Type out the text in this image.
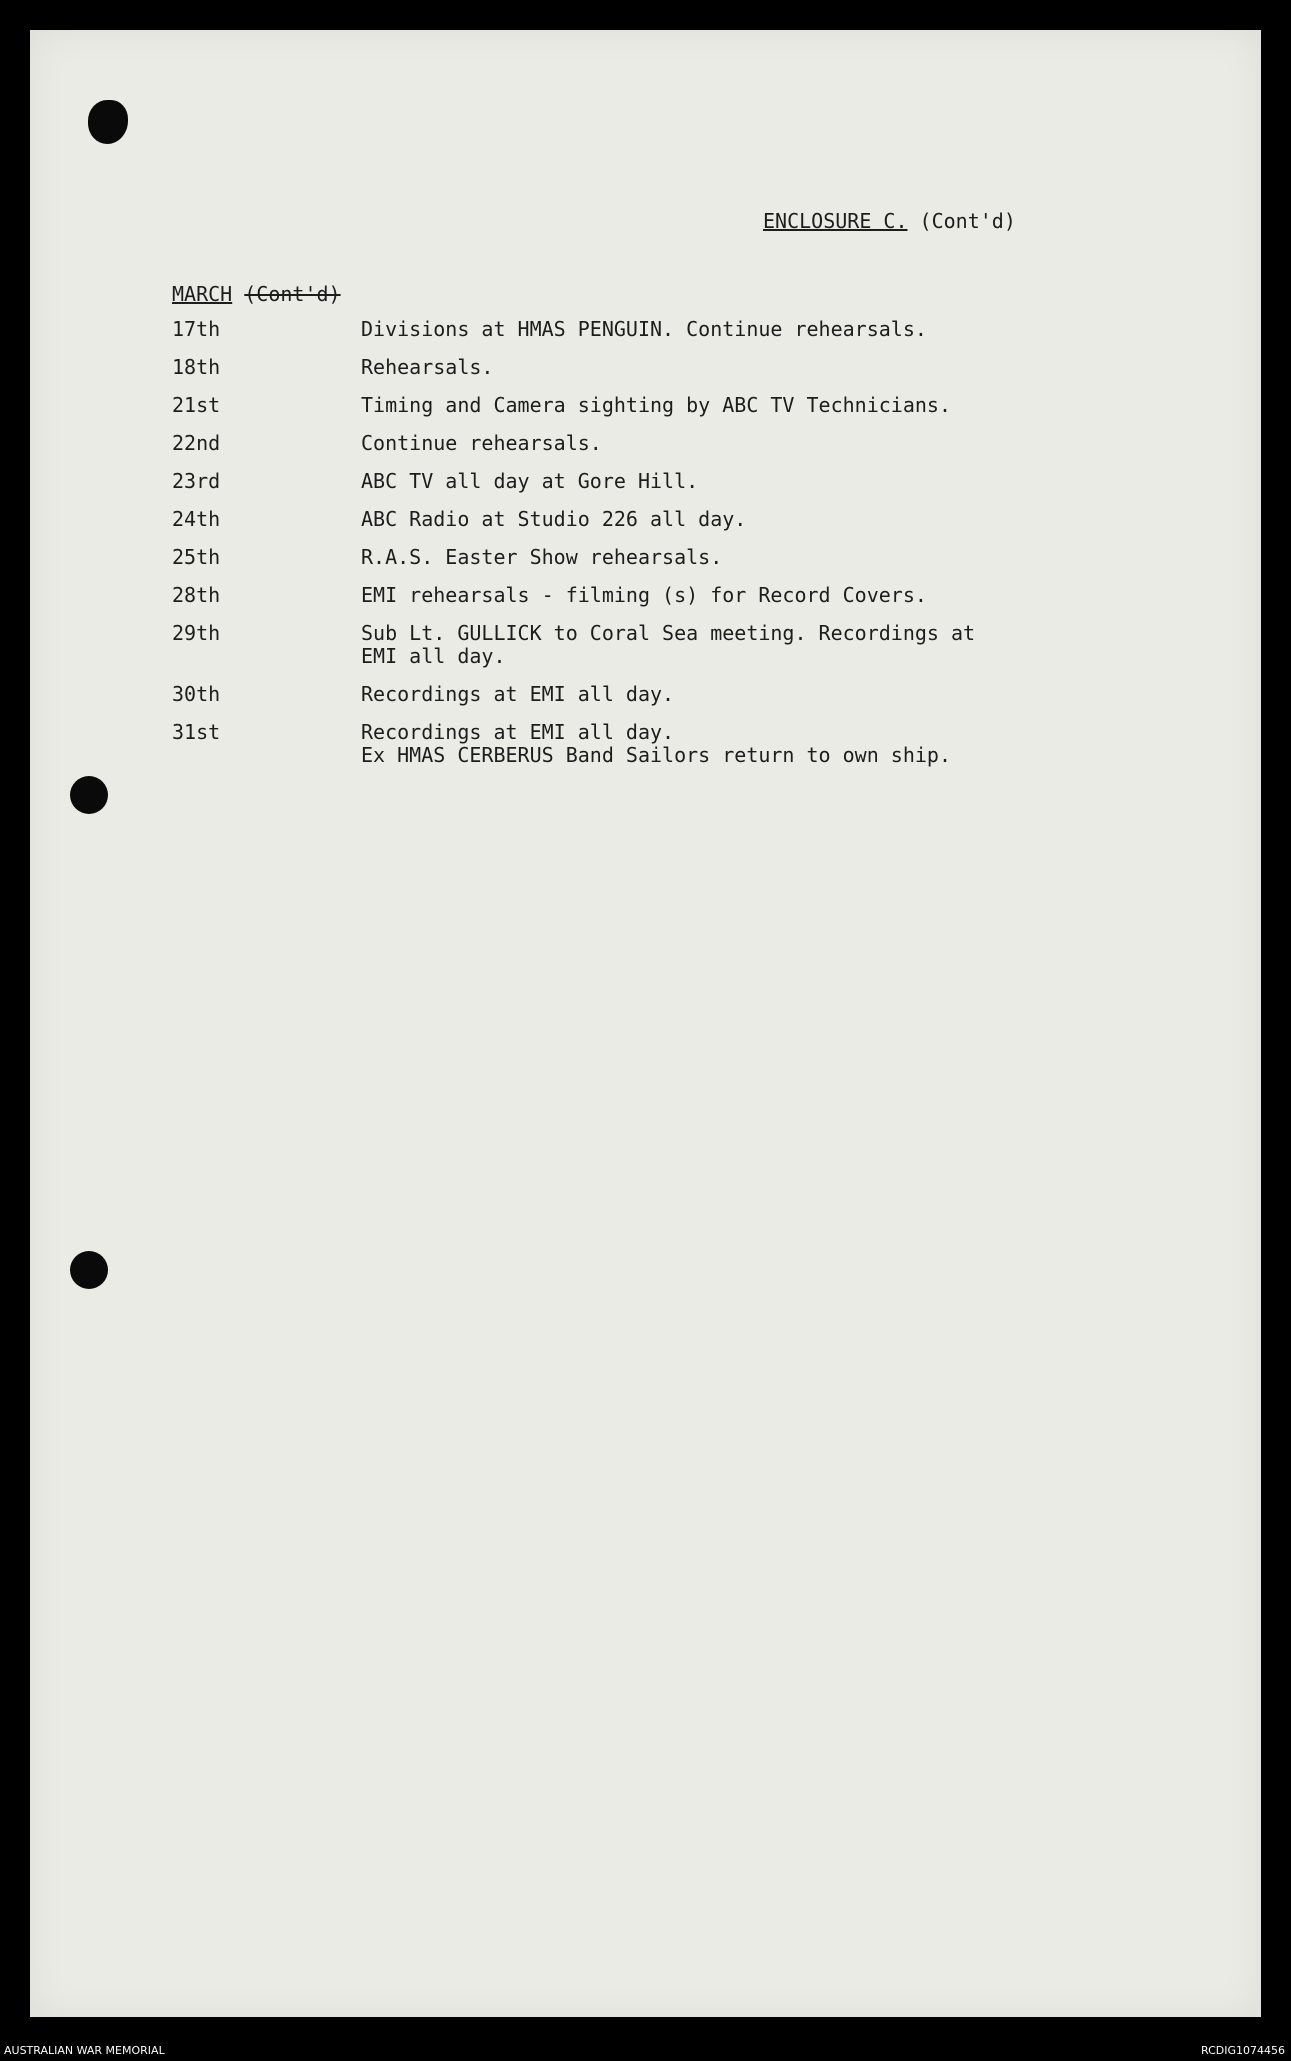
ENCLOSURE C. (Cont'd)
MARCH (Cont'd)
17th	Divisions at HMAS PENGUIN. Continue rehearsals.
18th	Rehearsals.
21st	Timing and Camera sighting by ABC TV Technicians.
22nd	Continue rehearsals.
23rd	ABC TV all day at Gore Hill.
24th	ABC Radio at Studio 226 all day.
25th	R.A.S. Easter Show rehearsals.
28th	EMI rehearsals - filming (s) for Record Covers.
29th	Sub Lt. GULLICK to Coral Sea meeting. Recordings at
EMI all day.
30th	Recordings at EMI all day.
31st	Recordings at EMI all day.
Ex HMAS CERBERUS Band Sailors return to own ship.
AUSTRALIAN WAR MEMORIAL	RCDIG1074456
